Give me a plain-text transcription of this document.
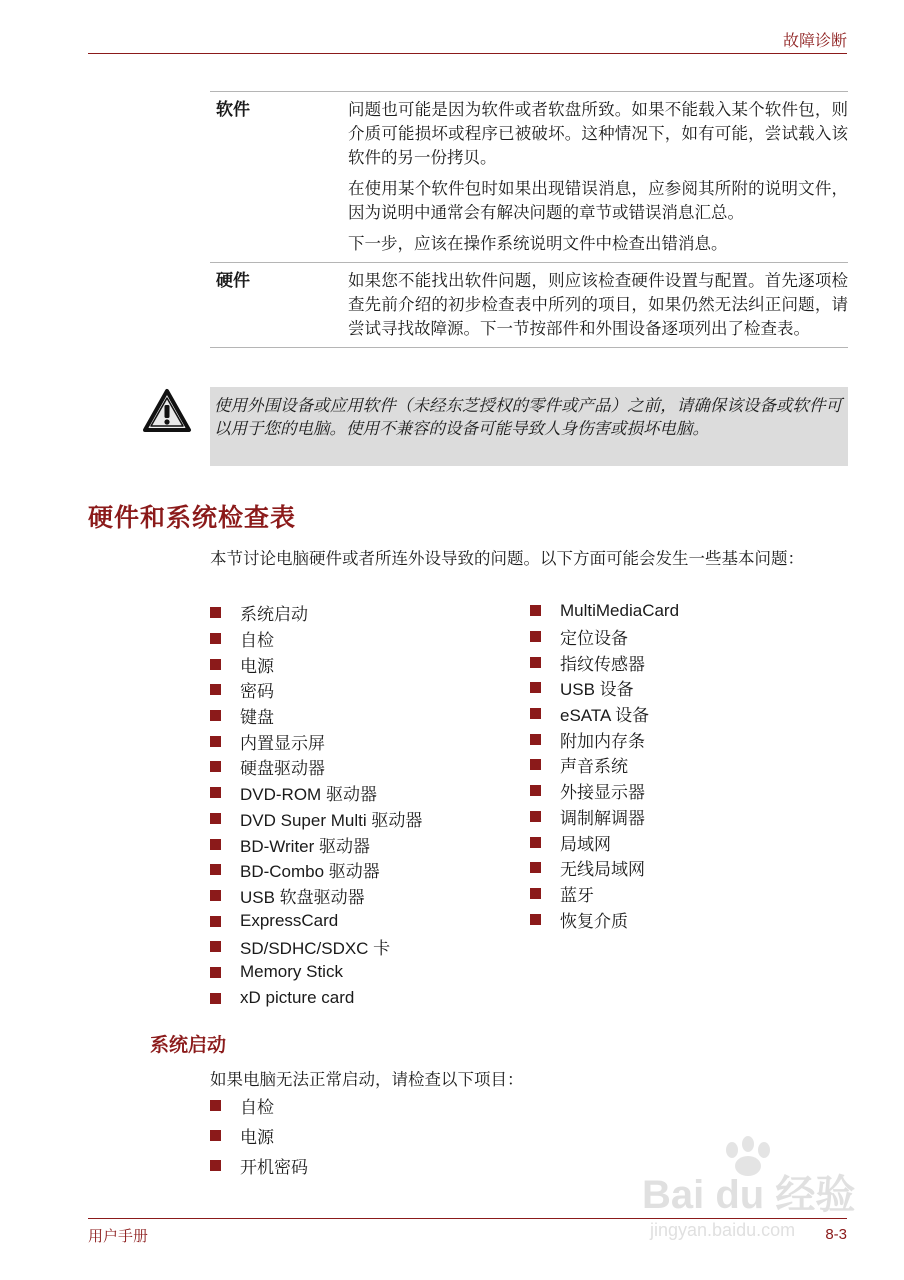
故障诊断
软件	问题也可能是因为软件或者软盘所致。如果不能载入某个软件包，则介质可能损坏或程序已被破坏。这种情况下，如有可能，尝试载入该软件的另一份拷贝。

在使用某个软件包时如果出现错误消息，应参阅其所附的说明文件，因为说明中通常会有解决问题的章节或错误消息汇总。

下一步，应该在操作系统说明文件中检查出错消息。

硬件	如果您不能找出软件问题，则应该检查硬件设置与配置。首先逐项检查先前介绍的初步检查表中所列的项目，如果仍然无法纠正问题，请尝试寻找故障源。下一节按部件和外围设备逐项列出了检查表。

使用外围设备或应用软件（未经东芝授权的零件或产品）之前，请确保该设备或软件可以用于您的电脑。使用不兼容的设备可能导致人身伤害或损坏电脑。
硬件和系统检查表
本节讨论电脑硬件或者所连外设导致的问题。以下方面可能会发生一些基本问题：
系统启动
自检
电源
密码
键盘
内置显示屏
硬盘驱动器
DVD-ROM 驱动器
DVD Super Multi 驱动器
BD-Writer 驱动器
BD-Combo 驱动器
USB 软盘驱动器
ExpressCard
SD/SDHC/SDXC 卡
Memory Stick
xD picture card
MultiMediaCard
定位设备
指纹传感器
USB 设备
eSATA 设备
附加内存条
声音系统
外接显示器
调制解调器
局域网
无线局域网
蓝牙
恢复介质
系统启动
如果电脑无法正常启动，请检查以下项目：
自检
电源
开机密码
Bai du 经验
jingyan.baidu.com
用户手册	8-3
